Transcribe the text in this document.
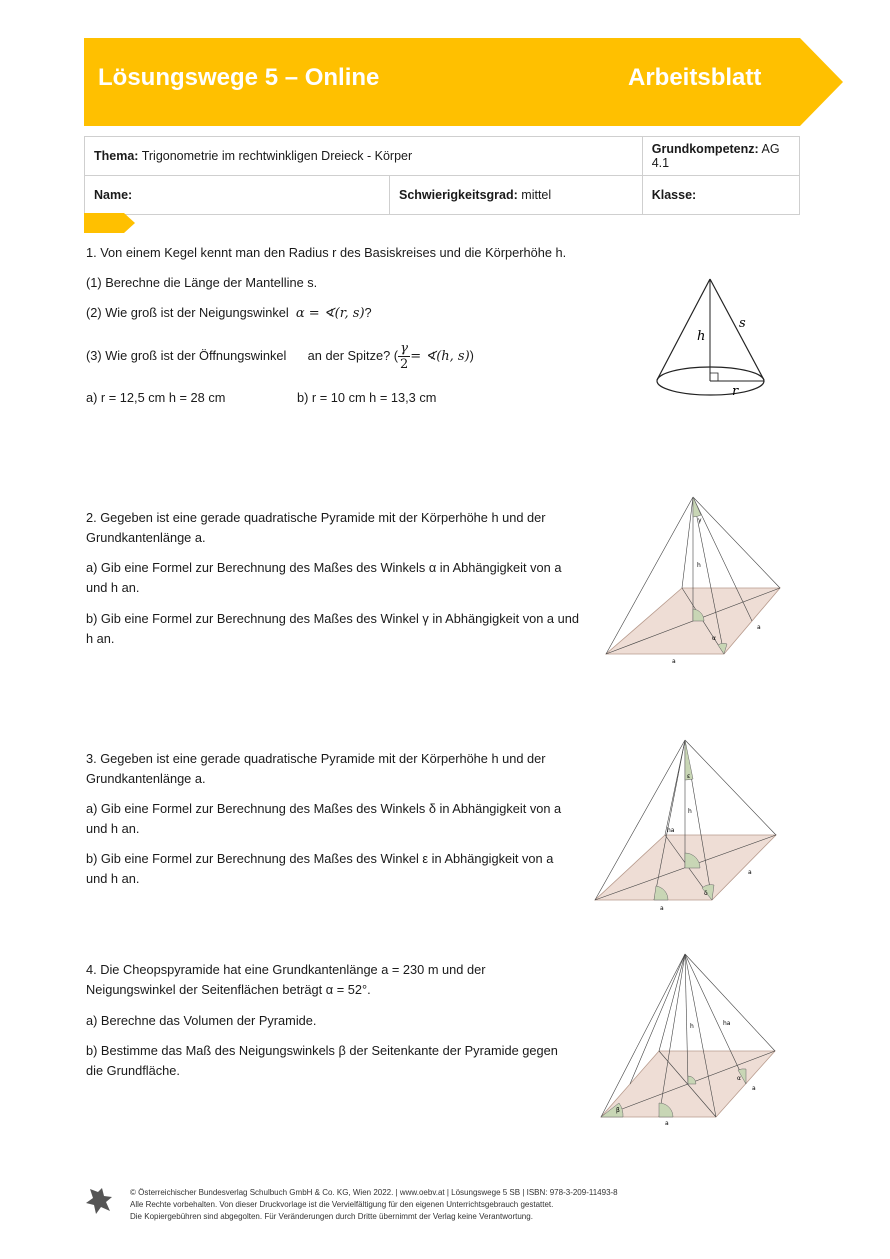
Lösungswege 5 – Online	Arbeitsblatt
Thema: Trigonometrie im rechtwinkligen Dreieck - Körper		Grundkompetenz: AG 4.1
Name:	Schwierigkeitsgrad: mittel	Klasse:
1. Von einem Kegel kennt man den Radius r des Basiskreises und die Körperhöhe h.
(1) Berechne die Länge der Mantelline s.
(2) Wie groß ist der Neigungswinkel α = ∢(r, s)?
(3) Wie groß ist der Öffnungswinkel an der Spitze? ( $\frac{\gamma}{2}$ = ∢(h, s))
a) r = 12,5 cm h = 28 cm	b) r = 10 cm h = 13,3 cm
h
s
r
2. Gegeben ist eine gerade quadratische Pyramide mit der Körperhöhe h und der Grundkantenlänge a.
a) Gib eine Formel zur Berechnung des Maßes des Winkels α in Abhängigkeit von a und h an.
b) Gib eine Formel zur Berechnung des Maßes des Winkel γ in Abhängigkeit von a und h an.
γ
h
α
a
a
3. Gegeben ist eine gerade quadratische Pyramide mit der Körperhöhe h und der Grundkantenlänge a.
a) Gib eine Formel zur Berechnung des Maßes des Winkels δ in Abhängigkeit von a und h an.
b) Gib eine Formel zur Berechnung des Maßes des Winkel ε in Abhängigkeit von a und h an.
ε
h
ha
δ
a
a
4. Die Cheopspyramide hat eine Grundkantenlänge a = 230 m und der Neigungswinkel der Seitenflächen beträgt α = 52°.
a) Berechne das Volumen der Pyramide.
b) Bestimme das Maß des Neigungswinkels β der Seitenkante der Pyramide gegen die Grundfläche.
h	ha
α
β
a
a
© Österreichischer Bundesverlag Schulbuch GmbH & Co. KG, Wien 2022. | www.oebv.at | Lösungswege 5 SB | ISBN: 978-3-209-11493-8
Alle Rechte vorbehalten. Von dieser Druckvorlage ist die Vervielfältigung für den eigenen Unterrichtsgebrauch gestattet.
Die Kopiergebühren sind abgegolten. Für Veränderungen durch Dritte übernimmt der Verlag keine Verantwortung.
